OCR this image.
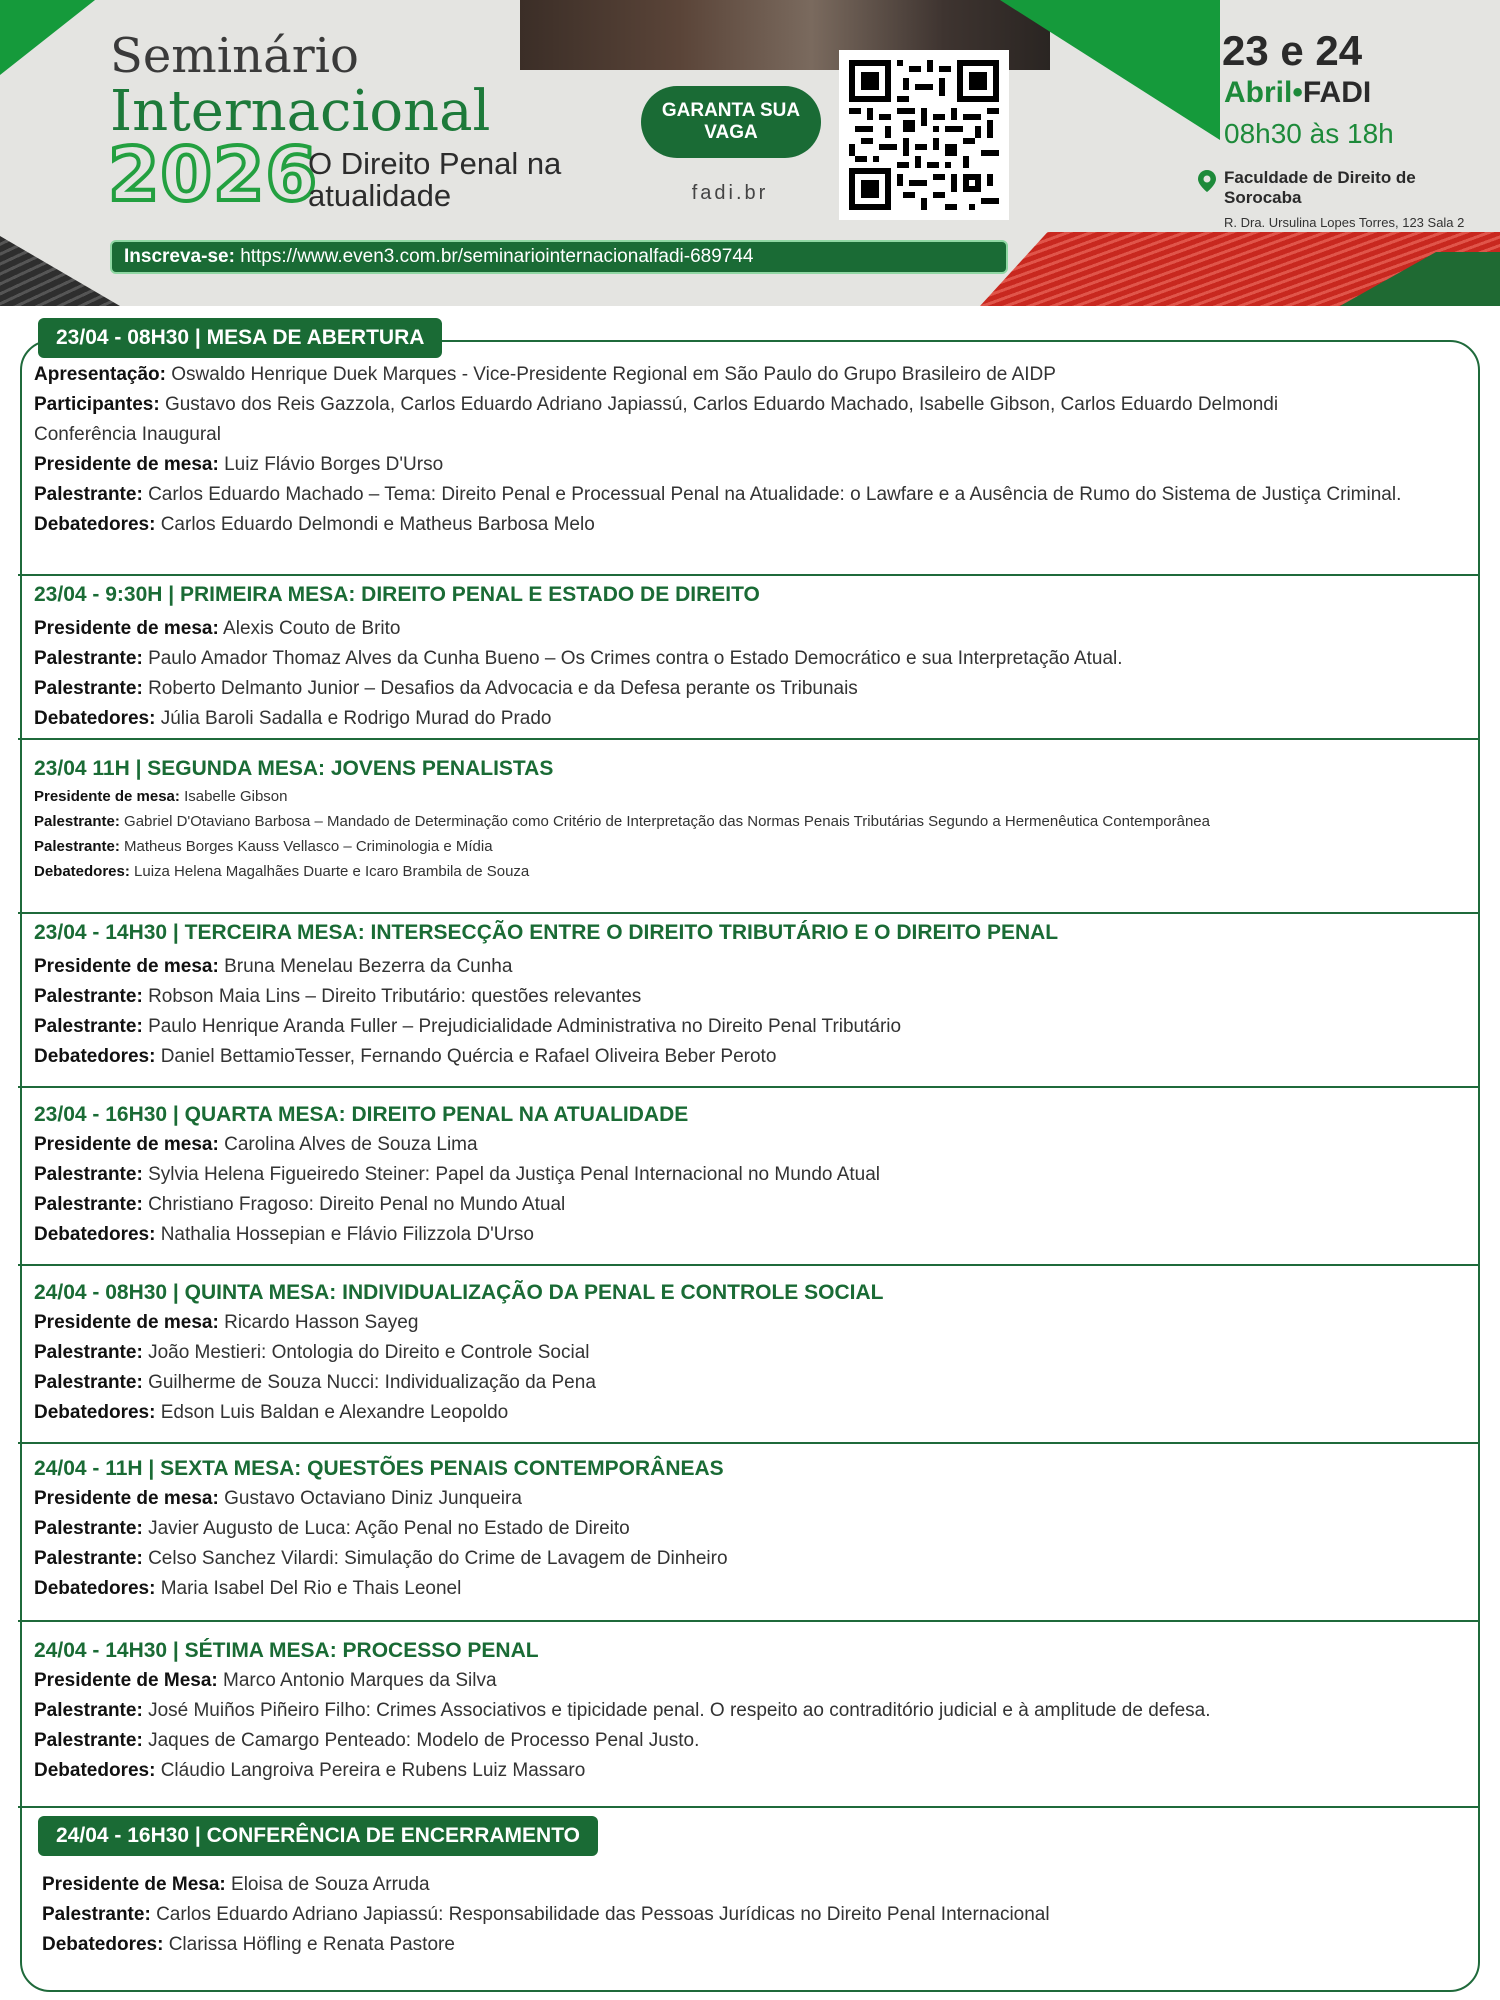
Seminário
Internacional
2026
O Direito Penal na atualidade
GARANTA SUA VAGA
fadi.br
23 e 24
Abril•FADI
08h30 às 18h
Faculdade de Direito de Sorocaba
R. Dra. Ursulina Lopes Torres, 123 Sala 2
Inscreva-se: https://www.even3.com.br/seminariointernacionalfadi-689744
23/04 - 08H30 | MESA DE ABERTURA
Apresentação: Oswaldo Henrique Duek Marques - Vice-Presidente Regional em São Paulo do Grupo Brasileiro de AIDP
Participantes: Gustavo dos Reis Gazzola, Carlos Eduardo Adriano Japiassú, Carlos Eduardo Machado, Isabelle Gibson, Carlos Eduardo Delmondi
Conferência Inaugural
Presidente de mesa: Luiz Flávio Borges D'Urso
Palestrante: Carlos Eduardo Machado – Tema: Direito Penal e Processual Penal na Atualidade: o Lawfare e a Ausência de Rumo do Sistema de Justiça Criminal.
Debatedores: Carlos Eduardo Delmondi e Matheus Barbosa Melo
23/04 - 9:30H | PRIMEIRA MESA: DIREITO PENAL E ESTADO DE DIREITO
Presidente de mesa: Alexis Couto de Brito
Palestrante: Paulo Amador Thomaz Alves da Cunha Bueno – Os Crimes contra o Estado Democrático e sua Interpretação Atual.
Palestrante: Roberto Delmanto Junior – Desafios da Advocacia e da Defesa perante os Tribunais
Debatedores: Júlia Baroli Sadalla e Rodrigo Murad do Prado
23/04 11H | SEGUNDA MESA: JOVENS PENALISTAS
Presidente de mesa: Isabelle Gibson
Palestrante: Gabriel D'Otaviano Barbosa – Mandado de Determinação como Critério de Interpretação das Normas Penais Tributárias Segundo a Hermenêutica Contemporânea
Palestrante: Matheus Borges Kauss Vellasco – Criminologia e Mídia
Debatedores: Luiza Helena Magalhães Duarte e Icaro Brambila de Souza
23/04 - 14H30 | TERCEIRA MESA: INTERSECÇÃO ENTRE O DIREITO TRIBUTÁRIO E O DIREITO PENAL
Presidente de mesa: Bruna Menelau Bezerra da Cunha
Palestrante: Robson Maia Lins – Direito Tributário: questões relevantes
Palestrante: Paulo Henrique Aranda Fuller – Prejudicialidade Administrativa no Direito Penal Tributário
Debatedores: Daniel BettamioTesser, Fernando Quércia e Rafael Oliveira Beber Peroto
23/04 - 16H30 | QUARTA MESA: DIREITO PENAL NA ATUALIDADE
Presidente de mesa: Carolina Alves de Souza Lima
Palestrante: Sylvia Helena Figueiredo Steiner: Papel da Justiça Penal Internacional no Mundo Atual
Palestrante: Christiano Fragoso: Direito Penal no Mundo Atual
Debatedores: Nathalia Hossepian e Flávio Filizzola D'Urso
24/04 - 08H30 | QUINTA MESA: INDIVIDUALIZAÇÃO DA PENAL E CONTROLE SOCIAL
Presidente de mesa: Ricardo Hasson Sayeg
Palestrante: João Mestieri: Ontologia do Direito e Controle Social
Palestrante: Guilherme de Souza Nucci: Individualização da Pena
Debatedores: Edson Luis Baldan e Alexandre Leopoldo
24/04 - 11H | SEXTA MESA: QUESTÕES PENAIS CONTEMPORÂNEAS
Presidente de mesa: Gustavo Octaviano Diniz Junqueira
Palestrante: Javier Augusto de Luca: Ação Penal no Estado de Direito
Palestrante: Celso Sanchez Vilardi: Simulação do Crime de Lavagem de Dinheiro
Debatedores: Maria Isabel Del Rio e Thais Leonel
24/04 - 14H30 | SÉTIMA MESA: PROCESSO PENAL
Presidente de Mesa: Marco Antonio Marques da Silva
Palestrante: José Muiños Piñeiro Filho: Crimes Associativos e tipicidade penal. O respeito ao contraditório judicial e à amplitude de defesa.
Palestrante: Jaques de Camargo Penteado: Modelo de Processo Penal Justo.
Debatedores: Cláudio Langroiva Pereira e Rubens Luiz Massaro
24/04 - 16H30 | CONFERÊNCIA DE ENCERRAMENTO
Presidente de Mesa: Eloisa de Souza Arruda
Palestrante: Carlos Eduardo Adriano Japiassú: Responsabilidade das Pessoas Jurídicas no Direito Penal Internacional
Debatedores: Clarissa Höfling e Renata Pastore
